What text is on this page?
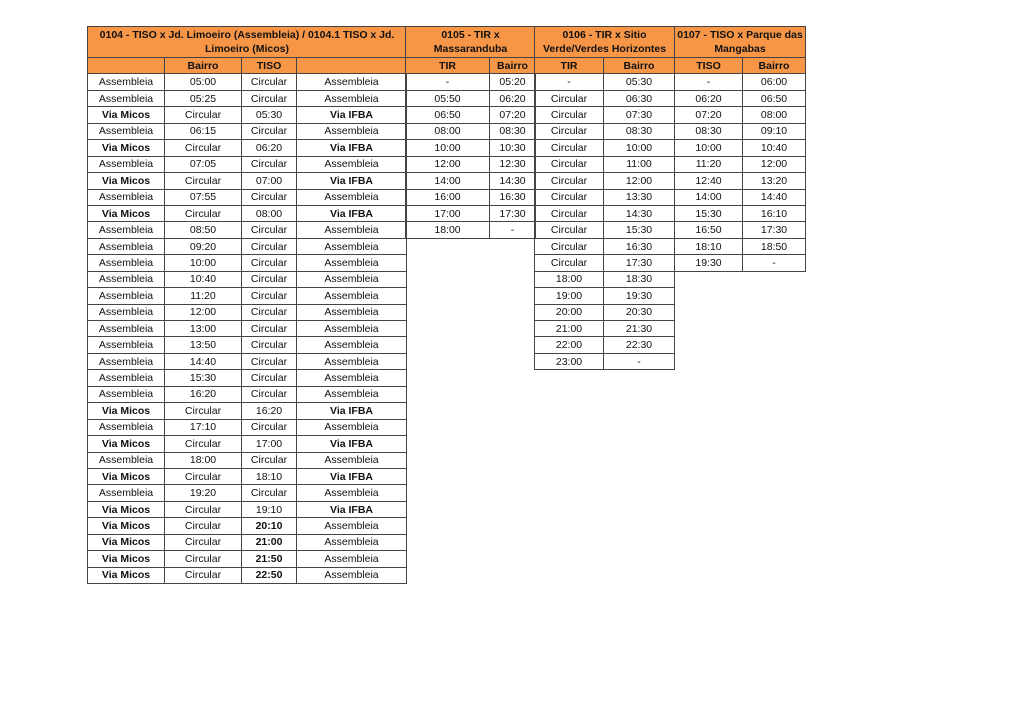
0104 - TISO x Jd. Limoeiro (Assembleia) / 0104.1 TISO x Jd. Limoeiro (Micos)			
	Bairro	TISO	
Assembleia	05:00	Circular	Assembleia
Assembleia	05:25	Circular	Assembleia
Via Micos	Circular	05:30	Via IFBA
Assembleia	06:15	Circular	Assembleia
Via Micos	Circular	06:20	Via IFBA
Assembleia	07:05	Circular	Assembleia
Via Micos	Circular	07:00	Via IFBA
Assembleia	07:55	Circular	Assembleia
Via Micos	Circular	08:00	Via IFBA
Assembleia	08:50	Circular	Assembleia
Assembleia	09:20	Circular	Assembleia
Assembleia	10:00	Circular	Assembleia
Assembleia	10:40	Circular	Assembleia
Assembleia	11:20	Circular	Assembleia
Assembleia	12:00	Circular	Assembleia
Assembleia	13:00	Circular	Assembleia
Assembleia	13:50	Circular	Assembleia
Assembleia	14:40	Circular	Assembleia
Assembleia	15:30	Circular	Assembleia
Assembleia	16:20	Circular	Assembleia
Via Micos	Circular	16:20	Via IFBA
Assembleia	17:10	Circular	Assembleia
Via Micos	Circular	17:00	Via IFBA
Assembleia	18:00	Circular	Assembleia
Via Micos	Circular	18:10	Via IFBA
Assembleia	19:20	Circular	Assembleia
Via Micos	Circular	19:10	Via IFBA
Via Micos	Circular	20:10	Assembleia
Via Micos	Circular	21:00	Assembleia
Via Micos	Circular	21:50	Assembleia
Via Micos	Circular	22:50	Assembleia
0105 - TIR x Massaranduba	
TIR	Bairro
-	05:20
05:50	06:20
06:50	07:20
08:00	08:30
10:00	10:30
12:00	12:30
14:00	14:30
16:00	16:30
17:00	17:30
18:00	-
0106 - TIR x Sitio Verde/Verdes Horizontes	
TIR	Bairro
-	05:30
Circular	06:30
Circular	07:30
Circular	08:30
Circular	10:00
Circular	11:00
Circular	12:00
Circular	13:30
Circular	14:30
Circular	15:30
Circular	16:30
Circular	17:30
18:00	18:30
19:00	19:30
20:00	20:30
21:00	21:30
22:00	22:30
23:00	-
0107 - TISO x Parque das Mangabas	
TISO	Bairro
-	06:00
06:20	06:50
07:20	08:00
08:30	09:10
10:00	10:40
11:20	12:00
12:40	13:20
14:00	14:40
15:30	16:10
16:50	17:30
18:10	18:50
19:30	-
